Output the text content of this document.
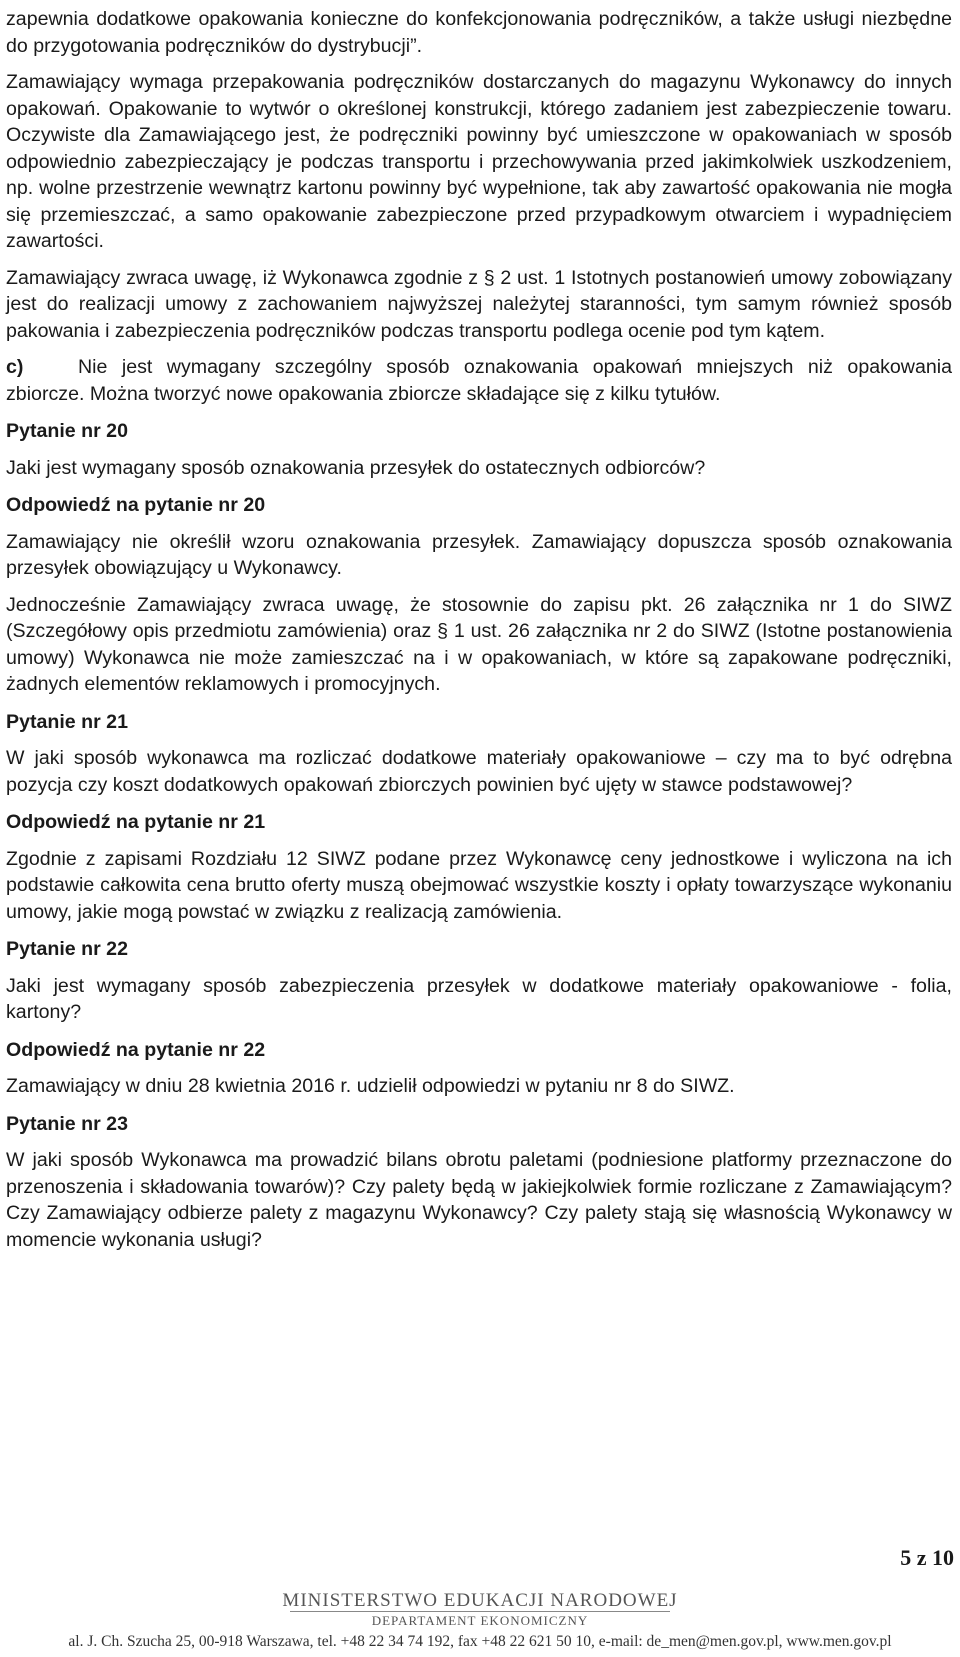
zapewnia dodatkowe opakowania konieczne do konfekcjonowania podręczników, a także usługi niezbędne do przygotowania podręczników do dystrybucji”.

Zamawiający wymaga przepakowania podręczników dostarczanych do magazynu Wykonawcy do innych opakowań. Opakowanie to wytwór o określonej konstrukcji, którego zadaniem jest zabezpieczenie towaru. Oczywiste dla Zamawiającego jest, że podręczniki powinny być umieszczone w opakowaniach w sposób odpowiednio zabezpieczający je podczas transportu i przechowywania przed jakimkolwiek uszkodzeniem, np. wolne przestrzenie wewnątrz kartonu powinny być wypełnione, tak aby zawartość opakowania nie mogła się przemieszczać, a samo opakowanie zabezpieczone przed przypadkowym otwarciem i wypadnięciem zawartości.

Zamawiający zwraca uwagę, iż Wykonawca zgodnie z § 2 ust. 1 Istotnych postanowień umowy zobowiązany jest do realizacji umowy z zachowaniem najwyższej należytej staranności, tym samym również sposób pakowania i zabezpieczenia podręczników podczas transportu podlega ocenie pod tym kątem.

c)	Nie jest wymagany szczególny sposób oznakowania opakowań mniejszych niż opakowania zbiorcze. Można tworzyć nowe opakowania zbiorcze składające się z kilku tytułów.

Pytanie nr 20

Jaki jest wymagany sposób oznakowania przesyłek do ostatecznych odbiorców?

Odpowiedź na pytanie nr 20

Zamawiający nie określił wzoru oznakowania przesyłek. Zamawiający dopuszcza sposób oznakowania przesyłek obowiązujący u Wykonawcy.

Jednocześnie Zamawiający zwraca uwagę, że stosownie do zapisu pkt. 26 załącznika nr 1 do SIWZ (Szczegółowy opis przedmiotu zamówienia) oraz § 1 ust. 26 załącznika nr 2 do SIWZ (Istotne postanowienia umowy) Wykonawca nie może zamieszczać na i w opakowaniach, w które są zapakowane podręczniki, żadnych elementów reklamowych i promocyjnych.

Pytanie nr 21

W jaki sposób wykonawca ma rozliczać dodatkowe materiały opakowaniowe – czy ma to być odrębna pozycja czy koszt dodatkowych opakowań zbiorczych powinien być ujęty w stawce podstawowej?

Odpowiedź na pytanie nr 21

Zgodnie z zapisami Rozdziału 12 SIWZ podane przez Wykonawcę ceny jednostkowe i wyliczona na ich podstawie całkowita cena brutto oferty muszą obejmować wszystkie koszty i opłaty towarzyszące wykonaniu umowy, jakie mogą powstać w związku z realizacją zamówienia.

Pytanie nr 22

Jaki jest wymagany sposób zabezpieczenia przesyłek w dodatkowe materiały opakowaniowe - folia, kartony?

Odpowiedź na pytanie nr 22

Zamawiający w dniu 28 kwietnia 2016 r. udzielił odpowiedzi w pytaniu nr 8 do SIWZ.

Pytanie nr 23

W jaki sposób Wykonawca ma prowadzić bilans obrotu paletami (podniesione platformy przeznaczone do przenoszenia i składowania towarów)? Czy palety będą w jakiejkolwiek formie rozliczane z Zamawiającym? Czy Zamawiający odbierze palety z magazynu Wykonawcy? Czy palety stają się własnością Wykonawcy w momencie wykonania usługi?

5 z 10
MINISTERSTWO EDUKACJI NARODOWEJ
DEPARTAMENT EKONOMICZNY
al. J. Ch. Szucha 25, 00-918 Warszawa, tel. +48 22 34 74 192, fax +48 22 621 50 10, e-mail: de_men@men.gov.pl, www.men.gov.pl
